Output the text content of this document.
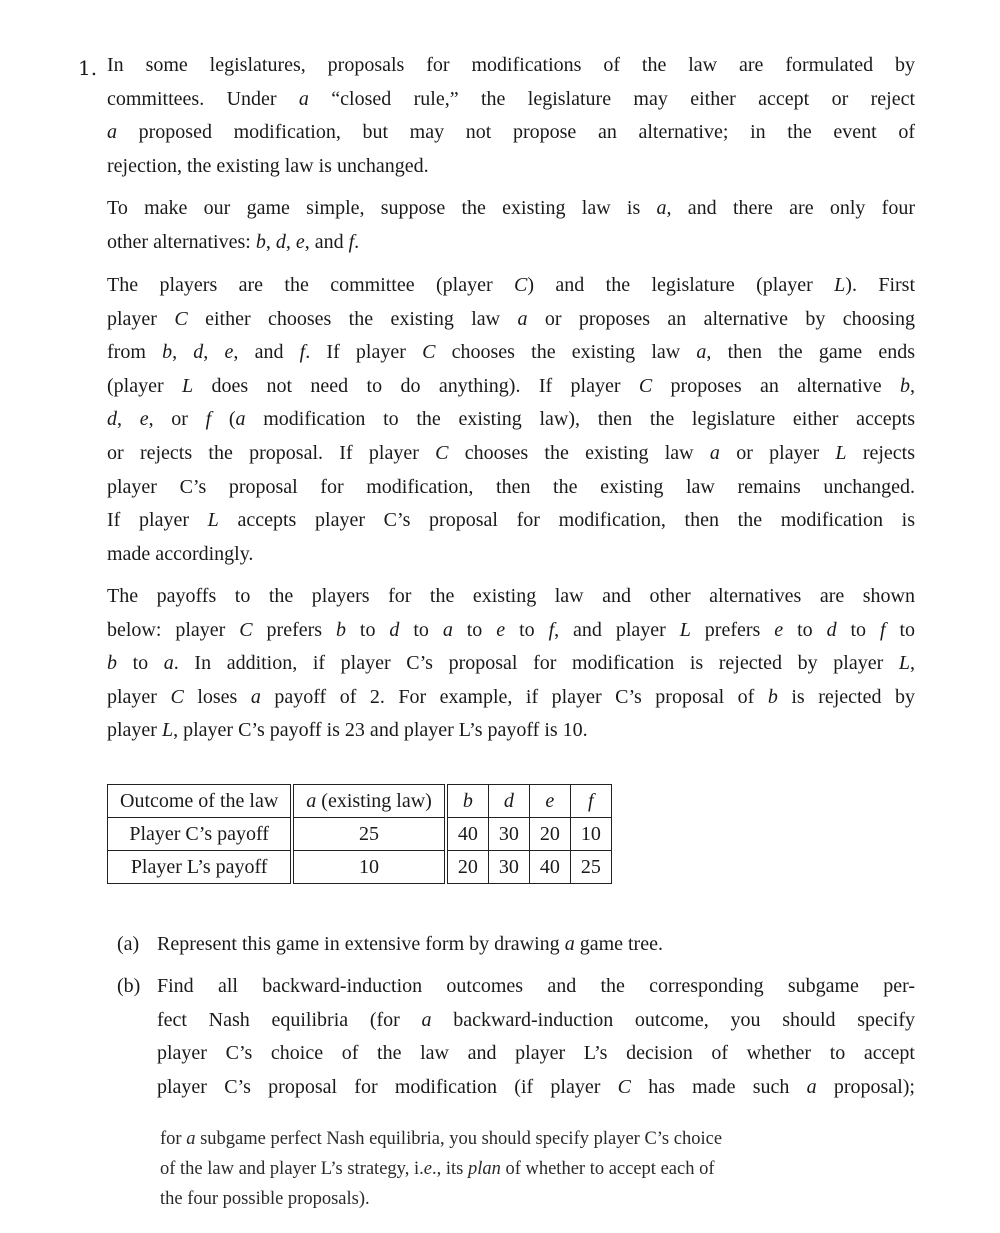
1. In some legislatures, proposals for modifications of the law are formulated by
committees. Under a “closed rule,” the legislature may either accept or reject
a proposed modification, but may not propose an alternative; in the event of
rejection, the existing law is unchanged.
To make our game simple, suppose the existing law is a, and there are only four
other alternatives: b, d, e, and f.
The players are the committee (player C) and the legislature (player L). First
player C either chooses the existing law a or proposes an alternative by choosing
from b, d, e, and f. If player C chooses the existing law a, then the game ends
(player L does not need to do anything). If player C proposes an alternative b,
d, e, or f (a modification to the existing law), then the legislature either accepts
or rejects the proposal. If player C chooses the existing law a or player L rejects
player C’s proposal for modification, then the existing law remains unchanged.
If player L accepts player C’s proposal for modification, then the modification is
made accordingly.
The payoffs to the players for the existing law and other alternatives are shown
below: player C prefers b to d to a to e to f, and player L prefers e to d to f to
b to a. In addition, if player C’s proposal for modification is rejected by player L,
player C loses a payoff of 2. For example, if player C’s proposal of b is rejected by
player L, player C’s payoff is 23 and player L’s payoff is 10.
Outcome of the law	a (existing law)	b	d	e	f
Player C’s payoff	25	40	30	20	10
Player L’s payoff	10	20	30	40	25
(a) Represent this game in extensive form by drawing a game tree.
(b) Find all backward-induction outcomes and the corresponding subgame per-
fect Nash equilibria (for a backward-induction outcome, you should specify
player C’s choice of the law and player L’s decision of whether to accept
player C’s proposal for modification (if player C has made such a proposal);
for a subgame perfect Nash equilibria, you should specify player C’s choice
of the law and player L’s strategy, i.e., its plan of whether to accept each of
the four possible proposals).
